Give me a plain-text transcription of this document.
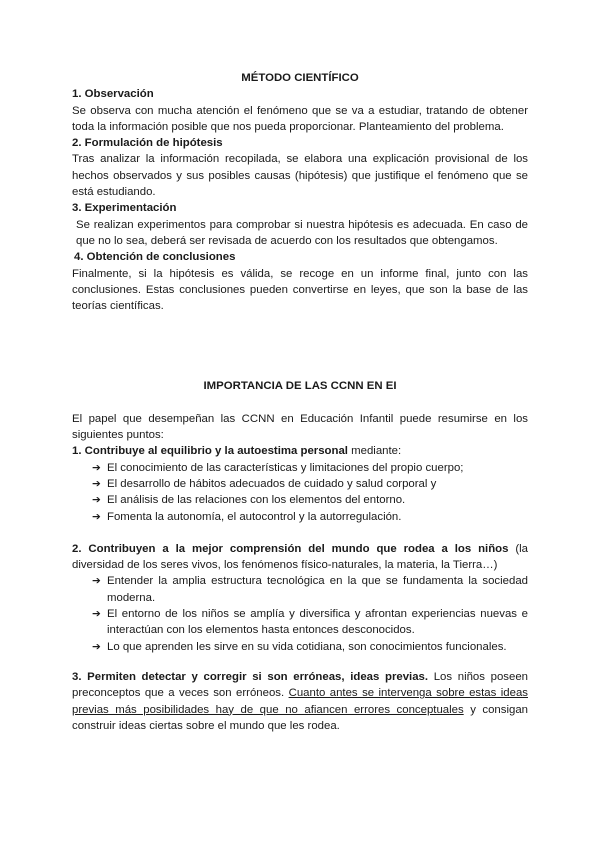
MÉTODO CIENTÍFICO
1. Observación
Se observa con mucha atención el fenómeno que se va a estudiar, tratando de obtener toda la información posible que nos pueda proporcionar. Planteamiento del problema.
2. Formulación de hipótesis
Tras analizar la información recopilada, se elabora una explicación provisional de los hechos observados y sus posibles causas (hipótesis) que justifique el fenómeno que se está estudiando.
3. Experimentación
Se realizan experimentos para comprobar si nuestra hipótesis es adecuada. En caso de que no lo sea, deberá ser revisada de acuerdo con los resultados que obtengamos.
4. Obtención de conclusiones
Finalmente, si la hipótesis es válida, se recoge en un informe final, junto con las conclusiones. Estas conclusiones pueden convertirse en leyes, que son la base de las teorías científicas.
IMPORTANCIA DE LAS CCNN EN EI
El papel que desempeñan las CCNN en Educación Infantil puede resumirse en los siguientes puntos:
1. Contribuye al equilibrio y la autoestima personal mediante:
➔ El conocimiento de las características y limitaciones del propio cuerpo;
➔ El desarrollo de hábitos adecuados de cuidado y salud corporal y
➔ El análisis de las relaciones con los elementos del entorno.
➔ Fomenta la autonomía, el autocontrol y la autorregulación.
2. Contribuyen a la mejor comprensión del mundo que rodea a los niños (la diversidad de los seres vivos, los fenómenos físico-naturales, la materia, la Tierra…)
➔ Entender la amplia estructura tecnológica en la que se fundamenta la sociedad moderna.
➔ El entorno de los niños se amplía y diversifica y afrontan experiencias nuevas e interactúan con los elementos hasta entonces desconocidos.
➔ Lo que aprenden les sirve en su vida cotidiana, son conocimientos funcionales.
3. Permiten detectar y corregir si son erróneas, ideas previas. Los niños poseen preconceptos que a veces son erróneos. Cuanto antes se intervenga sobre estas ideas previas más posibilidades hay de que no afiancen errores conceptuales y consigan construir ideas ciertas sobre el mundo que les rodea.
